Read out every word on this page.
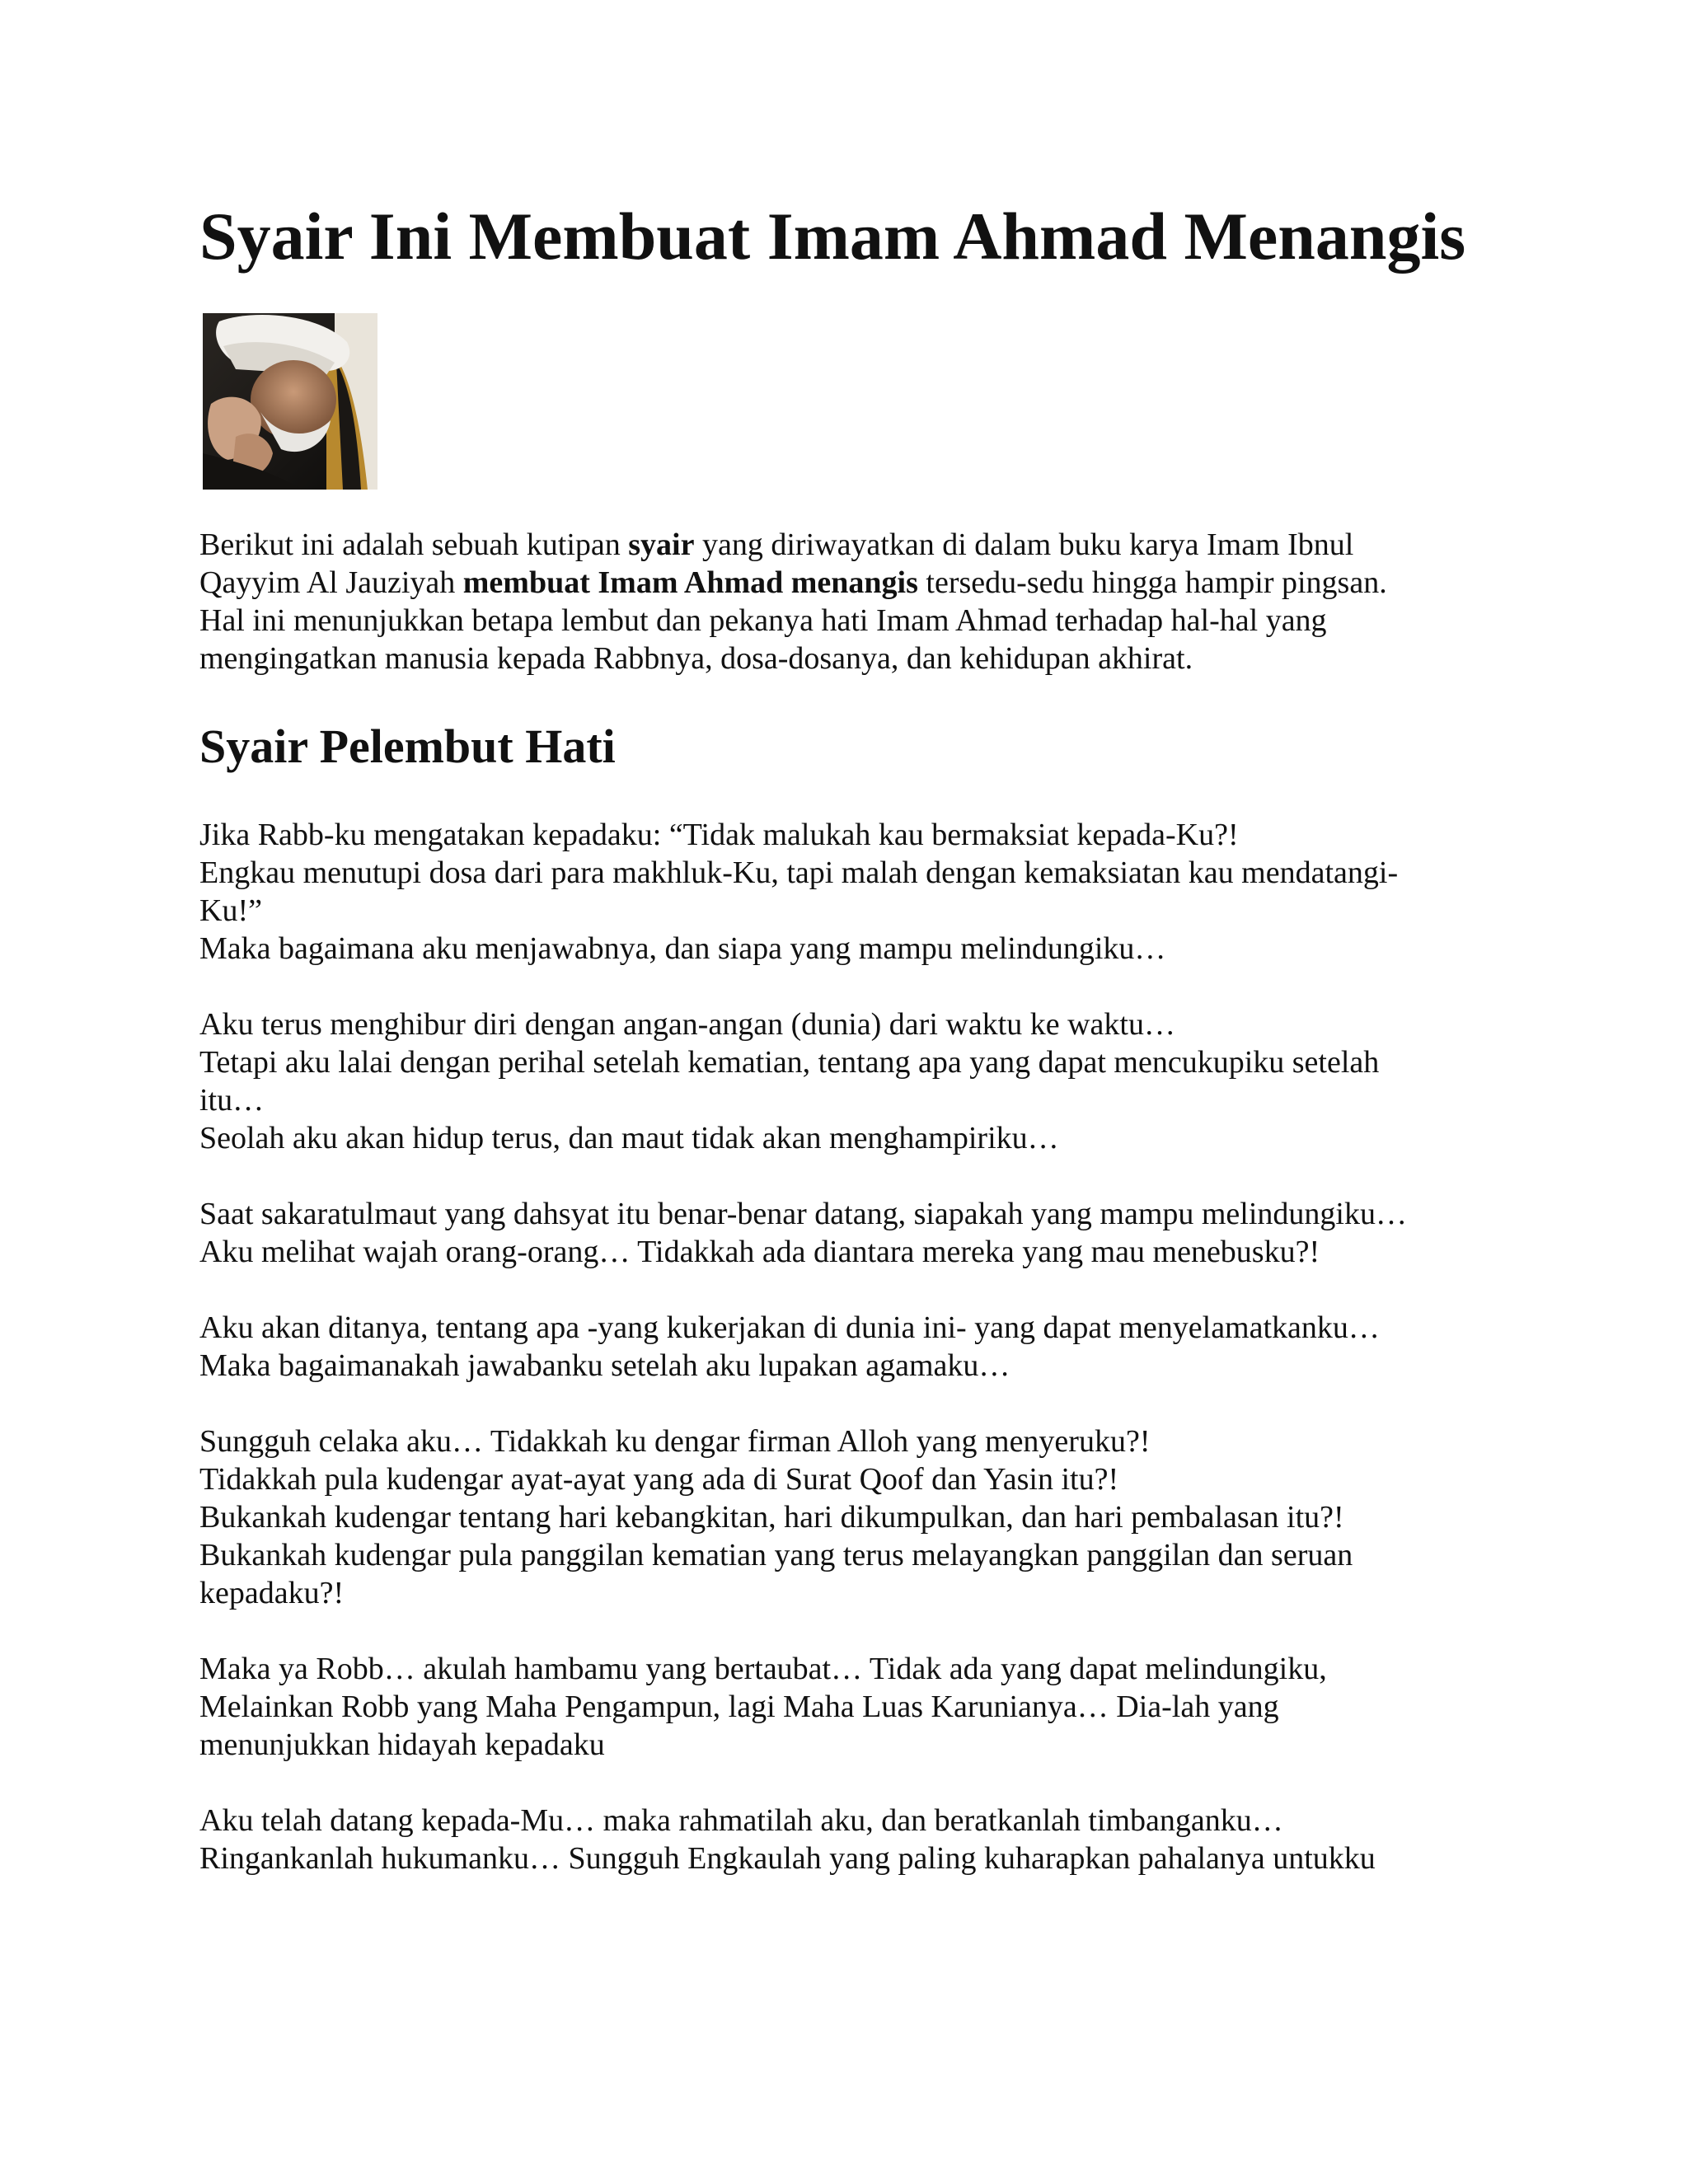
Syair Ini Membuat Imam Ahmad Menangis

Berikut ini adalah sebuah kutipan syair yang diriwayatkan di dalam buku karya Imam Ibnul
Qayyim Al Jauziyah membuat Imam Ahmad menangis tersedu-sedu hingga hampir pingsan.
Hal ini menunjukkan betapa lembut dan pekanya hati Imam Ahmad terhadap hal-hal yang
mengingatkan manusia kepada Rabbnya, dosa-dosanya, dan kehidupan akhirat.

Syair Pelembut Hati
Jika Rabb-ku mengatakan kepadaku: “Tidak malukah kau bermaksiat kepada-Ku?!
Engkau menutupi dosa dari para makhluk-Ku, tapi malah dengan kemaksiatan kau mendatangi-
Ku!”
Maka bagaimana aku menjawabnya, dan siapa yang mampu melindungiku…
Aku terus menghibur diri dengan angan-angan (dunia) dari waktu ke waktu…
Tetapi aku lalai dengan perihal setelah kematian, tentang apa yang dapat mencukupiku setelah
itu…
Seolah aku akan hidup terus, dan maut tidak akan menghampiriku…
Saat sakaratulmaut yang dahsyat itu benar-benar datang, siapakah yang mampu melindungiku…
Aku melihat wajah orang-orang… Tidakkah ada diantara mereka yang mau menebusku?!
Aku akan ditanya, tentang apa -yang kukerjakan di dunia ini- yang dapat menyelamatkanku…
Maka bagaimanakah jawabanku setelah aku lupakan agamaku…
Sungguh celaka aku… Tidakkah ku dengar firman Alloh yang menyeruku?!
Tidakkah pula kudengar ayat-ayat yang ada di Surat Qoof dan Yasin itu?!
Bukankah kudengar tentang hari kebangkitan, hari dikumpulkan, dan hari pembalasan itu?!
Bukankah kudengar pula panggilan kematian yang terus melayangkan panggilan dan seruan
kepadaku?!
Maka ya Robb… akulah hambamu yang bertaubat… Tidak ada yang dapat melindungiku,
Melainkan Robb yang Maha Pengampun, lagi Maha Luas Karunianya… Dia-lah yang
menunjukkan hidayah kepadaku
Aku telah datang kepada-Mu… maka rahmatilah aku, dan beratkanlah timbanganku…
Ringankanlah hukumanku… Sungguh Engkaulah yang paling kuharapkan pahalanya untukku
